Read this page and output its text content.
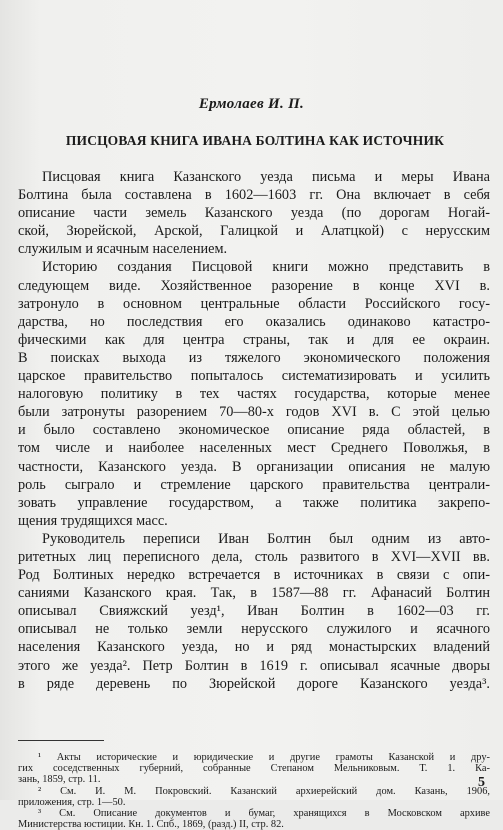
Ермолаев И. П.
ПИСЦОВАЯ КНИГА ИВАНА БОЛТИНА КАК ИСТОЧНИК
Писцовая книга Казанского уезда письма и меры Ивана
Болтина была составлена в 1602—1603 гг. Она включает в себя
описание части земель Казанского уезда (по дорогам Ногай-
ской, Зюрейской, Арской, Галицкой и Алатцкой) с нерусским
служилым и ясачным населением.
Историю создания Писцовой книги можно представить в
следующем виде. Хозяйственное разорение в конце XVI в.
затронуло в основном центральные области Российского госу-
дарства, но последствия его оказались одинаково катастро-
фическими как для центра страны, так и для ее окраин.
В поисках выхода из тяжелого экономического положения
царское правительство попыталось систематизировать и усилить
налоговую политику в тех частях государства, которые менее
были затронуты разорением 70—80-х годов XVI в. С этой целью
и было составлено экономическое описание ряда областей, в
том числе и наиболее населенных мест Среднего Поволжья, в
частности, Казанского уезда. В организации описания не малую
роль сыграло и стремление царского правительства централи-
зовать управление государством, а также политика закрепо-
щения трудящихся масс.
Руководитель переписи Иван Болтин был одним из авто-
ритетных лиц переписного дела, столь развитого в XVI—XVII вв.
Род Болтиных нередко встречается в источниках в связи с опи-
саниями Казанского края. Так, в 1587—88 гг. Афанасий Болтин
описывал Свияжский уезд¹, Иван Болтин в 1602—03 гг.
описывал не только земли нерусского служилого и ясачного
населения Казанского уезда, но и ряд монастырских владений
этого же уезда². Петр Болтин в 1619 г. описывал ясачные дворы
в ряде деревень по Зюрейской дороге Казанского уезда³.
¹ Акты исторические и юридические и другие грамоты Казанской и дру-
гих соседственных губерний, собранные Степаном Мельниковым. Т. 1. Ка-
зань, 1859, стр. 11.
² См. И. М. Покровский. Казанский архиерейский дом. Казань, 1906,
приложения, стр. 1—50.
³ См. Описание документов и бумаг, хранящихся в Московском архиве
Министерства юстиции. Кн. 1. Спб., 1869, (разд.) II, стр. 82.
5
